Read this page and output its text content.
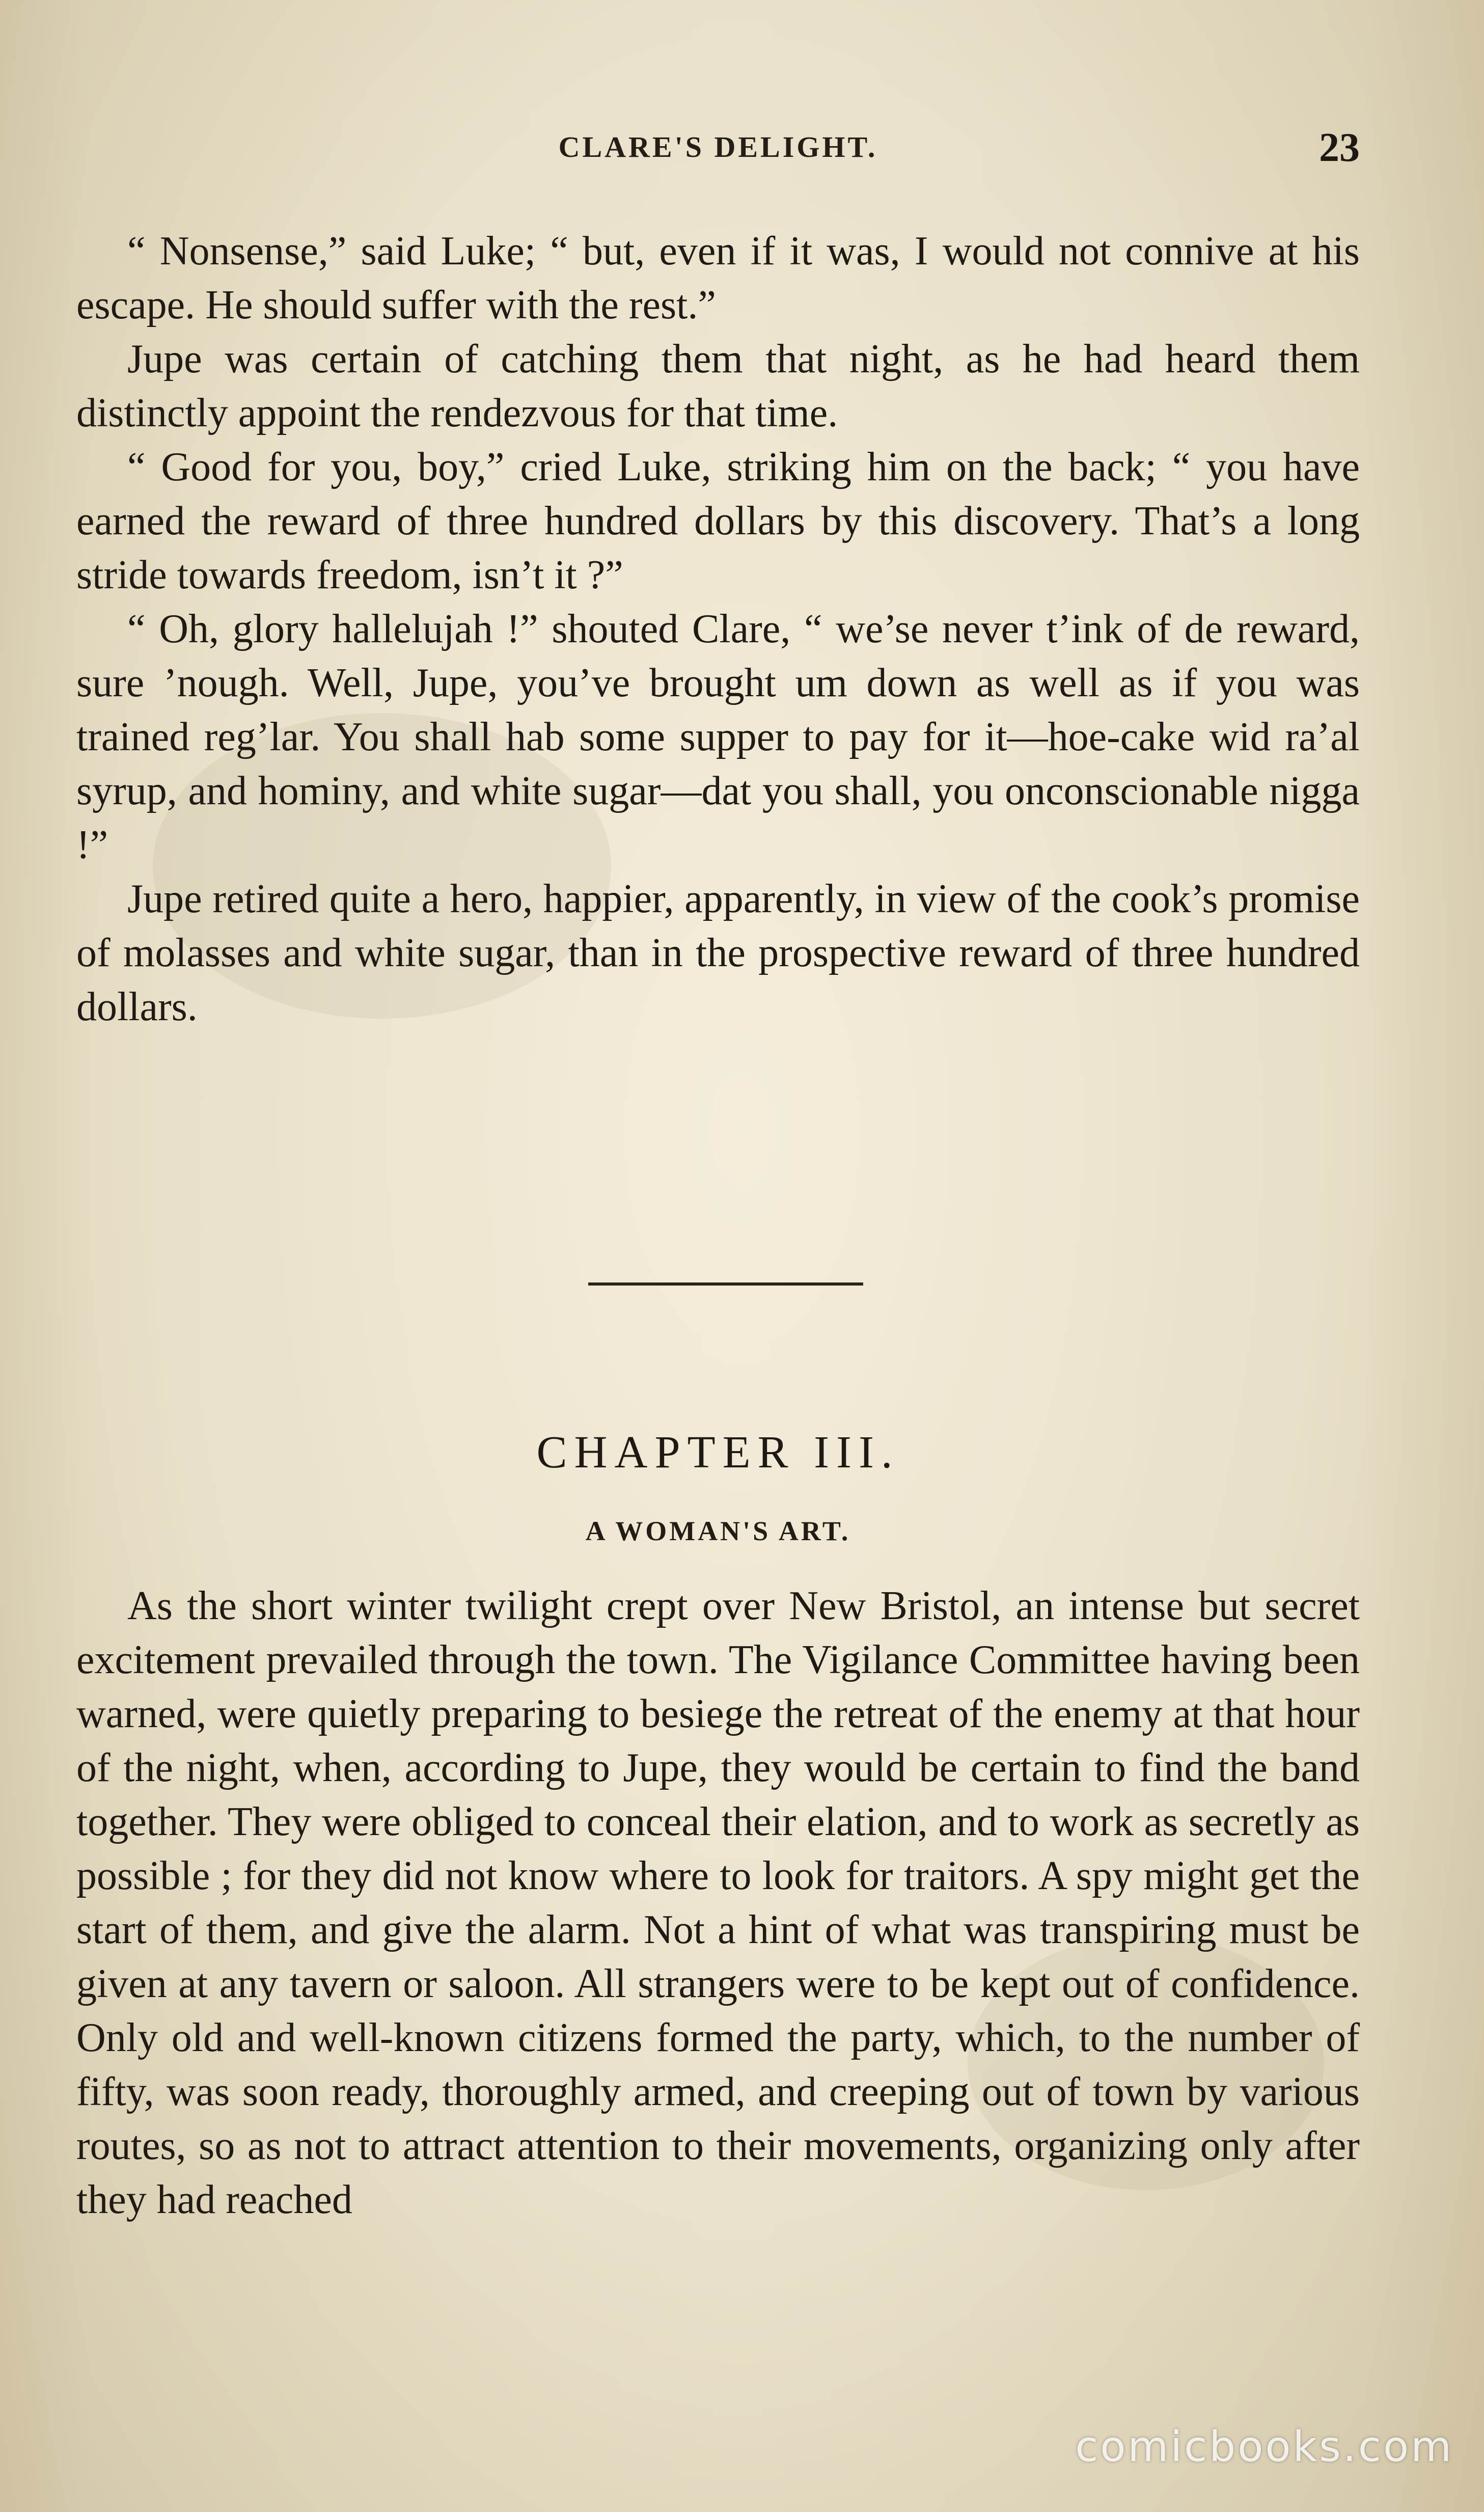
CLARE'S DELIGHT.	23

“ Nonsense,” said Luke; “ but, even if it was, I would not connive at his escape. He should suffer with the rest.”

Jupe was certain of catching them that night, as he had heard them distinctly appoint the rendezvous for that time.

“ Good for you, boy,” cried Luke, striking him on the back; “ you have earned the reward of three hundred dollars by this discovery. That’s a long stride towards freedom, isn’t it ?”

“ Oh, glory hallelujah !” shouted Clare, “ we’se never t’ink of de reward, sure ’nough. Well, Jupe, you’ve brought um down as well as if you was trained reg’lar. You shall hab some supper to pay for it—hoe-cake wid ra’al syrup, and hominy, and white sugar—dat you shall, you onconscionable nigga !”

Jupe retired quite a hero, happier, apparently, in view of the cook’s promise of molasses and white sugar, than in the prospective reward of three hundred dollars.

CHAPTER III.
A WOMAN'S ART.

As the short winter twilight crept over New Bristol, an intense but secret excitement prevailed through the town. The Vigilance Committee having been warned, were quietly preparing to besiege the retreat of the enemy at that hour of the night, when, according to Jupe, they would be certain to find the band together. They were obliged to conceal their elation, and to work as secretly as possible ; for they did not know where to look for traitors. A spy might get the start of them, and give the alarm. Not a hint of what was transpiring must be given at any tavern or saloon. All strangers were to be kept out of confidence. Only old and well-known citizens formed the party, which, to the number of fifty, was soon ready, thoroughly armed, and creeping out of town by various routes, so as not to attract attention to their movements, organizing only after they had reached

comicbooks.com
